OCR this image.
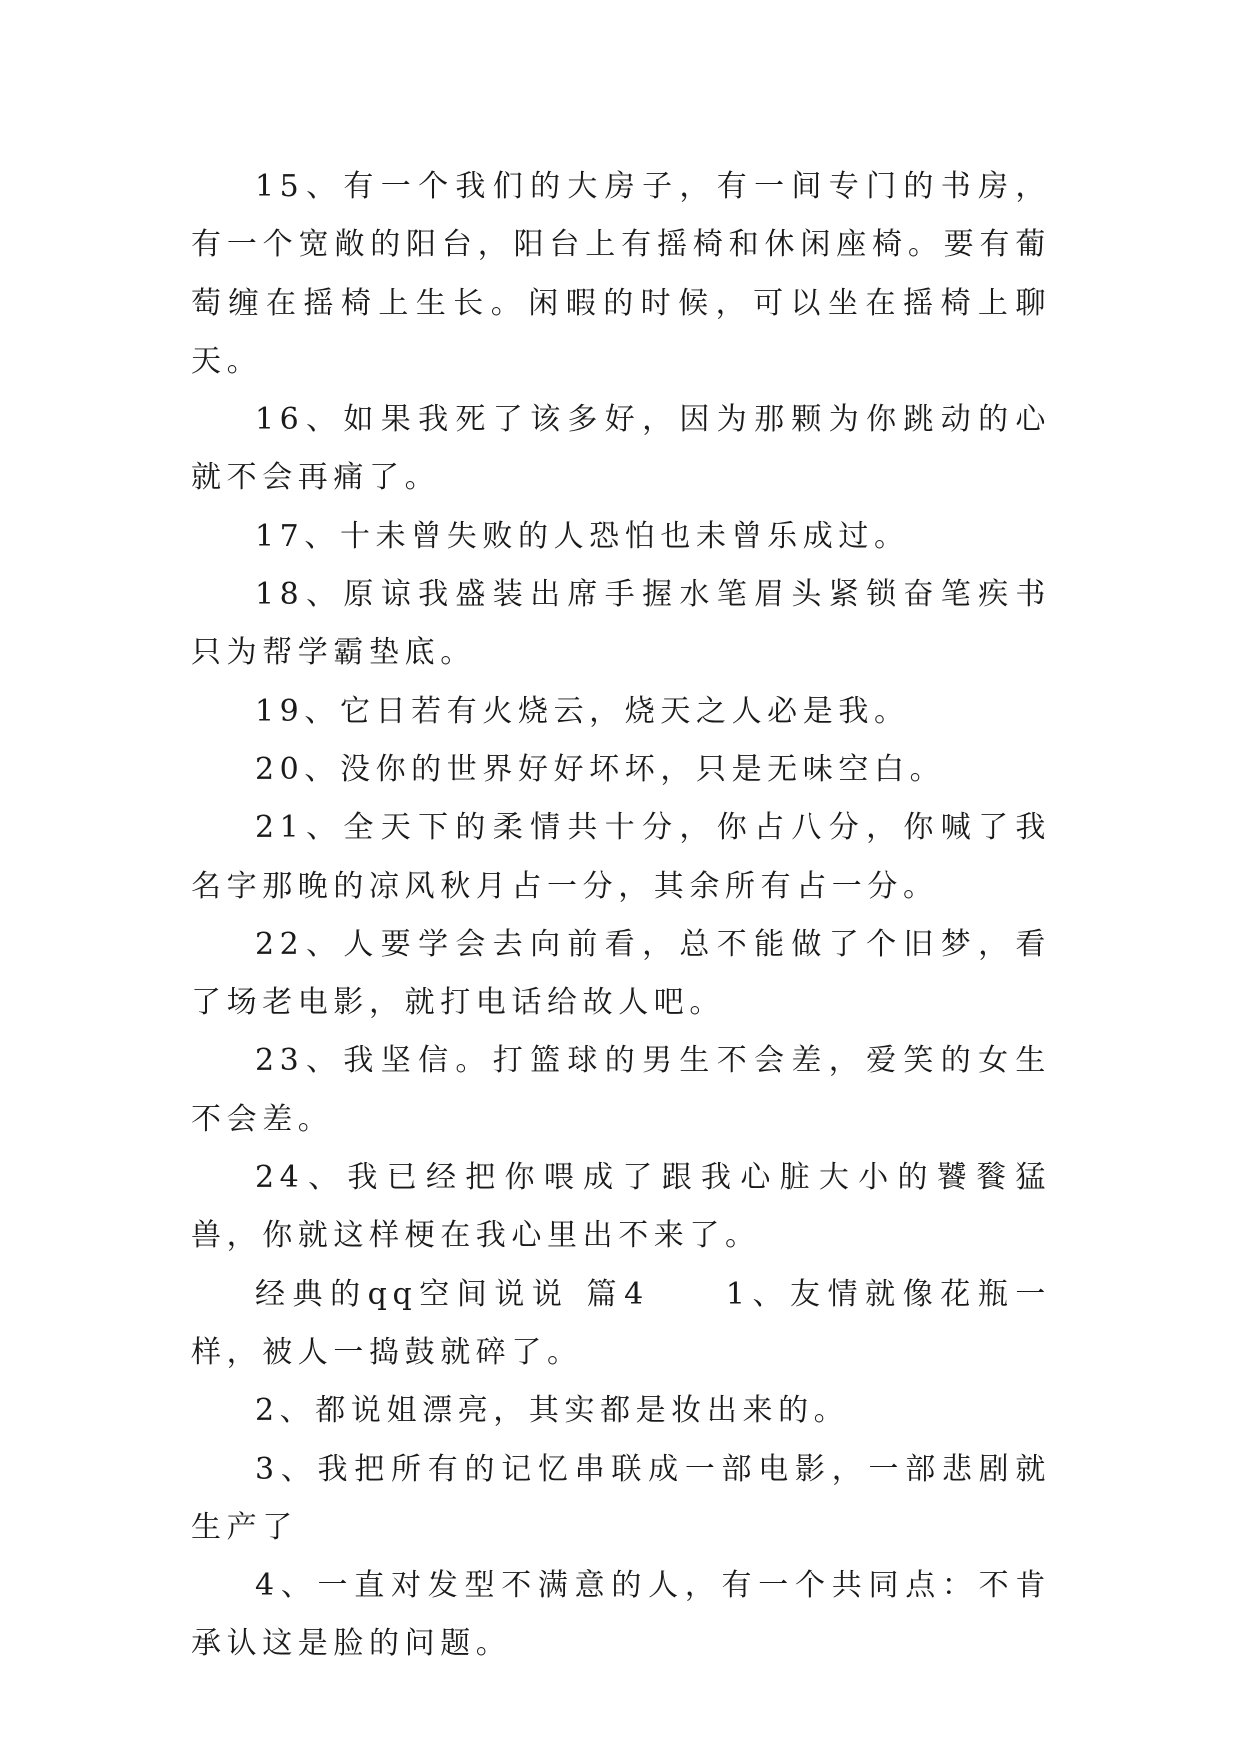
15、有一个我们的大房子，有一间专门的书房，有一个宽敞的阳台，阳台上有摇椅和休闲座椅。要有葡萄缠在摇椅上生长。闲暇的时候，可以坐在摇椅上聊天。

16、如果我死了该多好，因为那颗为你跳动的心就不会再痛了。

17、十未曾失败的人恐怕也未曾乐成过。

18、原谅我盛装出席手握水笔眉头紧锁奋笔疾书只为帮学霸垫底。

19、它日若有火烧云，烧天之人必是我。

20、没你的世界好好坏坏，只是无味空白。

21、全天下的柔情共十分，你占八分，你喊了我名字那晚的凉风秋月占一分，其余所有占一分。

22、人要学会去向前看，总不能做了个旧梦，看了场老电影，就打电话给故人吧。

23、我坚信。打篮球的男生不会差，爱笑的女生不会差。

24、我已经把你喂成了跟我心脏大小的饕餮猛兽，你就这样梗在我心里出不来了。

经典的qq空间说说 篇4　　1、友情就像花瓶一样，被人一捣鼓就碎了。

2、都说姐漂亮，其实都是妆出来的。

3、我把所有的记忆串联成一部电影，一部悲剧就生产了

4、一直对发型不满意的人，有一个共同点：不肯承认这是脸的问题。
